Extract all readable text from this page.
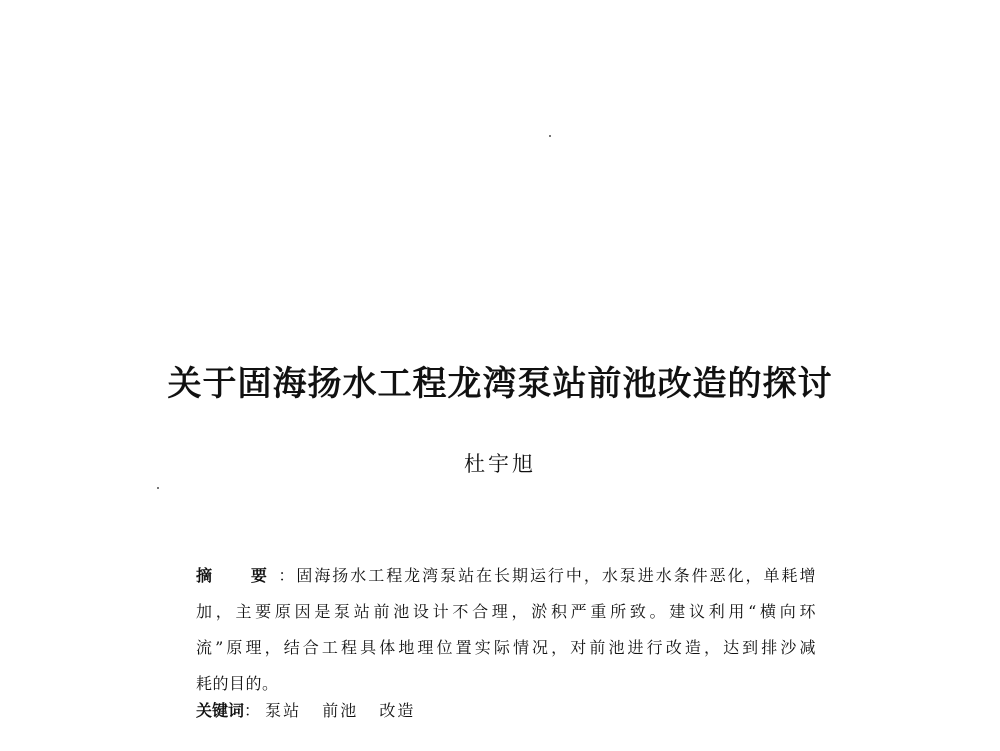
关于固海扬水工程龙湾泵站前池改造的探讨
杜宇旭
摘　要：固海扬水工程龙湾泵站在长期运行中，水泵进水条件恶化，单耗增
加，主要原因是泵站前池设计不合理，淤积严重所致。建议利用“横向环
流”原理，结合工程具体地理位置实际情况，对前池进行改造，达到排沙减
耗的目的。
关键词： 泵站 前池 改造
